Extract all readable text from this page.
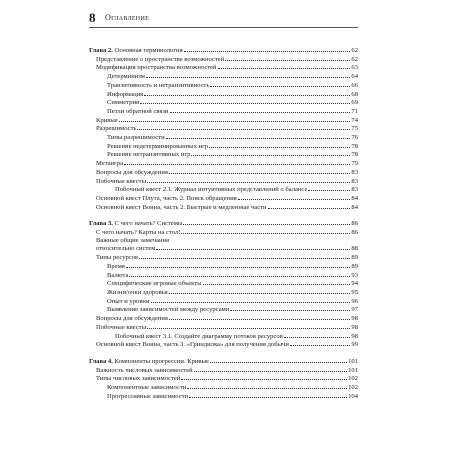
8 Оглавление
Глава 2. Основная терминология	62
Представление о пространстве возможностей	62
Модификация пространства возможностей	63
Детерминизм	64
Транзитивность и нетранзитивность	66
Информация	68
Симметрия	69
Петли обратной связи	71
Кривые	74
Разрешимость	75
Типы разрешимости	76
Решение недетерминированных игр	78
Решение нетранзитивных игр	78
Метаигра	79
Вопросы для обсуждения	83
Побочные квесты	83
Побочный квест 2.1. Журнал интуитивных представлений о балансе	83
Основной квест Плута, часть 2. Поиск обращения	84
Основной квест Воина, часть 2. Быстрые и медленные части	84
Глава 3. С чего начать? Системы	86
С чего начать? Карты на стол!	86
Важные общие замечания
относительно систем	88
Типы ресурсов	89
Время	89
Валюта	93
Специфические игровые объекты	94
Жизни/очки здоровья	95
Опыт и уровни	96
Выявление зависимостей между ресурсами	97
Вопросы для обсуждения	98
Побочные квесты	98
Побочный квест 3.1. Создайте диаграмму потоков ресурсов	98
Основной квест Воина, часть 3. «Гриндилка» для получения добычи	99
Глава 4. Компоненты прогрессии. Кривые	101
Важность числовых зависимостей	101
Типы числовых зависимостей	102
Компонентные зависимости	102
Прогрессивные зависимости	104
